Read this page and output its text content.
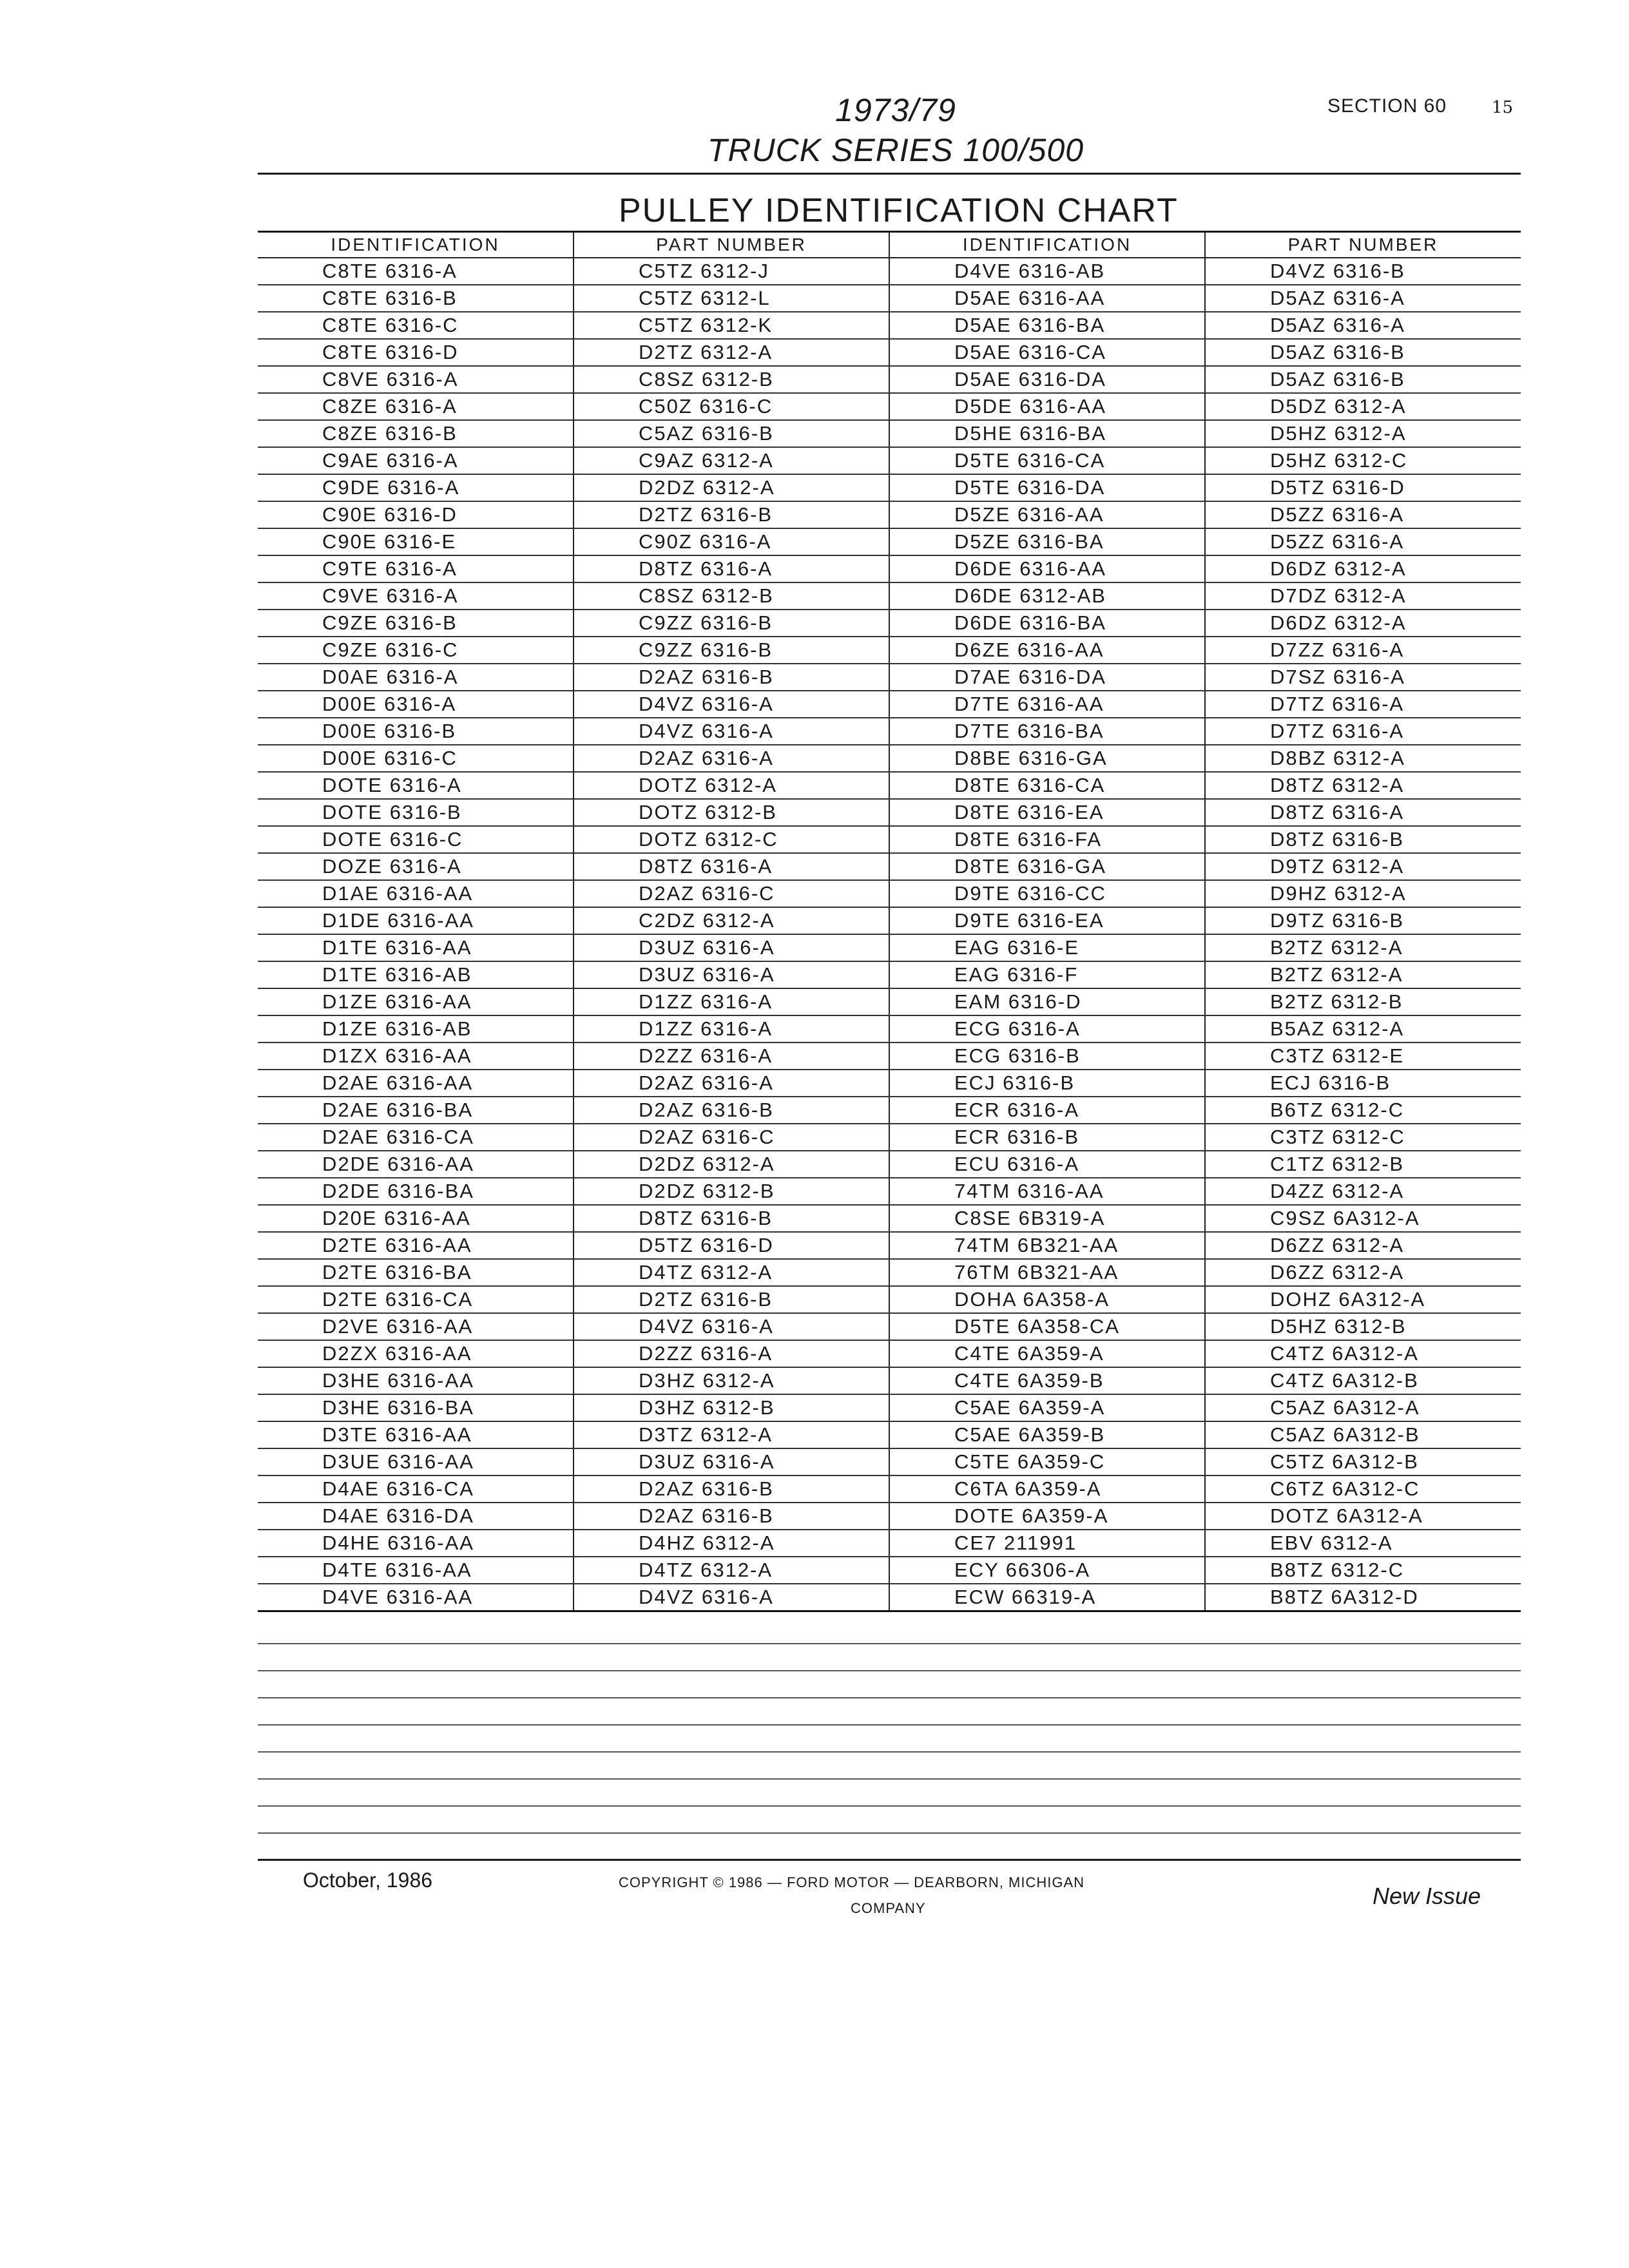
1973/79
TRUCK SERIES 100/500
SECTION 60	15
PULLEY IDENTIFICATION CHART
IDENTIFICATION	PART NUMBER	IDENTIFICATION	PART NUMBER
C8TE 6316-A	C5TZ 6312-J	D4VE 6316-AB	D4VZ 6316-B
C8TE 6316-B	C5TZ 6312-L	D5AE 6316-AA	D5AZ 6316-A
C8TE 6316-C	C5TZ 6312-K	D5AE 6316-BA	D5AZ 6316-A
C8TE 6316-D	D2TZ 6312-A	D5AE 6316-CA	D5AZ 6316-B
C8VE 6316-A	C8SZ 6312-B	D5AE 6316-DA	D5AZ 6316-B
C8ZE 6316-A	C50Z 6316-C	D5DE 6316-AA	D5DZ 6312-A
C8ZE 6316-B	C5AZ 6316-B	D5HE 6316-BA	D5HZ 6312-A
C9AE 6316-A	C9AZ 6312-A	D5TE 6316-CA	D5HZ 6312-C
C9DE 6316-A	D2DZ 6312-A	D5TE 6316-DA	D5TZ 6316-D
C90E 6316-D	D2TZ 6316-B	D5ZE 6316-AA	D5ZZ 6316-A
C90E 6316-E	C90Z 6316-A	D5ZE 6316-BA	D5ZZ 6316-A
C9TE 6316-A	D8TZ 6316-A	D6DE 6316-AA	D6DZ 6312-A
C9VE 6316-A	C8SZ 6312-B	D6DE 6312-AB	D7DZ 6312-A
C9ZE 6316-B	C9ZZ 6316-B	D6DE 6316-BA	D6DZ 6312-A
C9ZE 6316-C	C9ZZ 6316-B	D6ZE 6316-AA	D7ZZ 6316-A
D0AE 6316-A	D2AZ 6316-B	D7AE 6316-DA	D7SZ 6316-A
D00E 6316-A	D4VZ 6316-A	D7TE 6316-AA	D7TZ 6316-A
D00E 6316-B	D4VZ 6316-A	D7TE 6316-BA	D7TZ 6316-A
D00E 6316-C	D2AZ 6316-A	D8BE 6316-GA	D8BZ 6312-A
DOTE 6316-A	DOTZ 6312-A	D8TE 6316-CA	D8TZ 6312-A
DOTE 6316-B	DOTZ 6312-B	D8TE 6316-EA	D8TZ 6316-A
DOTE 6316-C	DOTZ 6312-C	D8TE 6316-FA	D8TZ 6316-B
DOZE 6316-A	D8TZ 6316-A	D8TE 6316-GA	D9TZ 6312-A
D1AE 6316-AA	D2AZ 6316-C	D9TE 6316-CC	D9HZ 6312-A
D1DE 6316-AA	C2DZ 6312-A	D9TE 6316-EA	D9TZ 6316-B
D1TE 6316-AA	D3UZ 6316-A	EAG 6316-E	B2TZ 6312-A
D1TE 6316-AB	D3UZ 6316-A	EAG 6316-F	B2TZ 6312-A
D1ZE 6316-AA	D1ZZ 6316-A	EAM 6316-D	B2TZ 6312-B
D1ZE 6316-AB	D1ZZ 6316-A	ECG 6316-A	B5AZ 6312-A
D1ZX 6316-AA	D2ZZ 6316-A	ECG 6316-B	C3TZ 6312-E
D2AE 6316-AA	D2AZ 6316-A	ECJ 6316-B	ECJ 6316-B
D2AE 6316-BA	D2AZ 6316-B	ECR 6316-A	B6TZ 6312-C
D2AE 6316-CA	D2AZ 6316-C	ECR 6316-B	C3TZ 6312-C
D2DE 6316-AA	D2DZ 6312-A	ECU 6316-A	C1TZ 6312-B
D2DE 6316-BA	D2DZ 6312-B	74TM 6316-AA	D4ZZ 6312-A
D20E 6316-AA	D8TZ 6316-B	C8SE 6B319-A	C9SZ 6A312-A
D2TE 6316-AA	D5TZ 6316-D	74TM 6B321-AA	D6ZZ 6312-A
D2TE 6316-BA	D4TZ 6312-A	76TM 6B321-AA	D6ZZ 6312-A
D2TE 6316-CA	D2TZ 6316-B	DOHA 6A358-A	DOHZ 6A312-A
D2VE 6316-AA	D4VZ 6316-A	D5TE 6A358-CA	D5HZ 6312-B
D2ZX 6316-AA	D2ZZ 6316-A	C4TE 6A359-A	C4TZ 6A312-A
D3HE 6316-AA	D3HZ 6312-A	C4TE 6A359-B	C4TZ 6A312-B
D3HE 6316-BA	D3HZ 6312-B	C5AE 6A359-A	C5AZ 6A312-A
D3TE 6316-AA	D3TZ 6312-A	C5AE 6A359-B	C5AZ 6A312-B
D3UE 6316-AA	D3UZ 6316-A	C5TE 6A359-C	C5TZ 6A312-B
D4AE 6316-CA	D2AZ 6316-B	C6TA 6A359-A	C6TZ 6A312-C
D4AE 6316-DA	D2AZ 6316-B	DOTE 6A359-A	DOTZ 6A312-A
D4HE 6316-AA	D4HZ 6312-A	CE7 211991	EBV 6312-A
D4TE 6316-AA	D4TZ 6312-A	ECY 66306-A	B8TZ 6312-C
D4VE 6316-AA	D4VZ 6316-A	ECW 66319-A	B8TZ 6A312-D
October, 1986	COPYRIGHT © 1986 — FORD MOTOR — DEARBORN, MICHIGAN
COMPANY	New Issue
